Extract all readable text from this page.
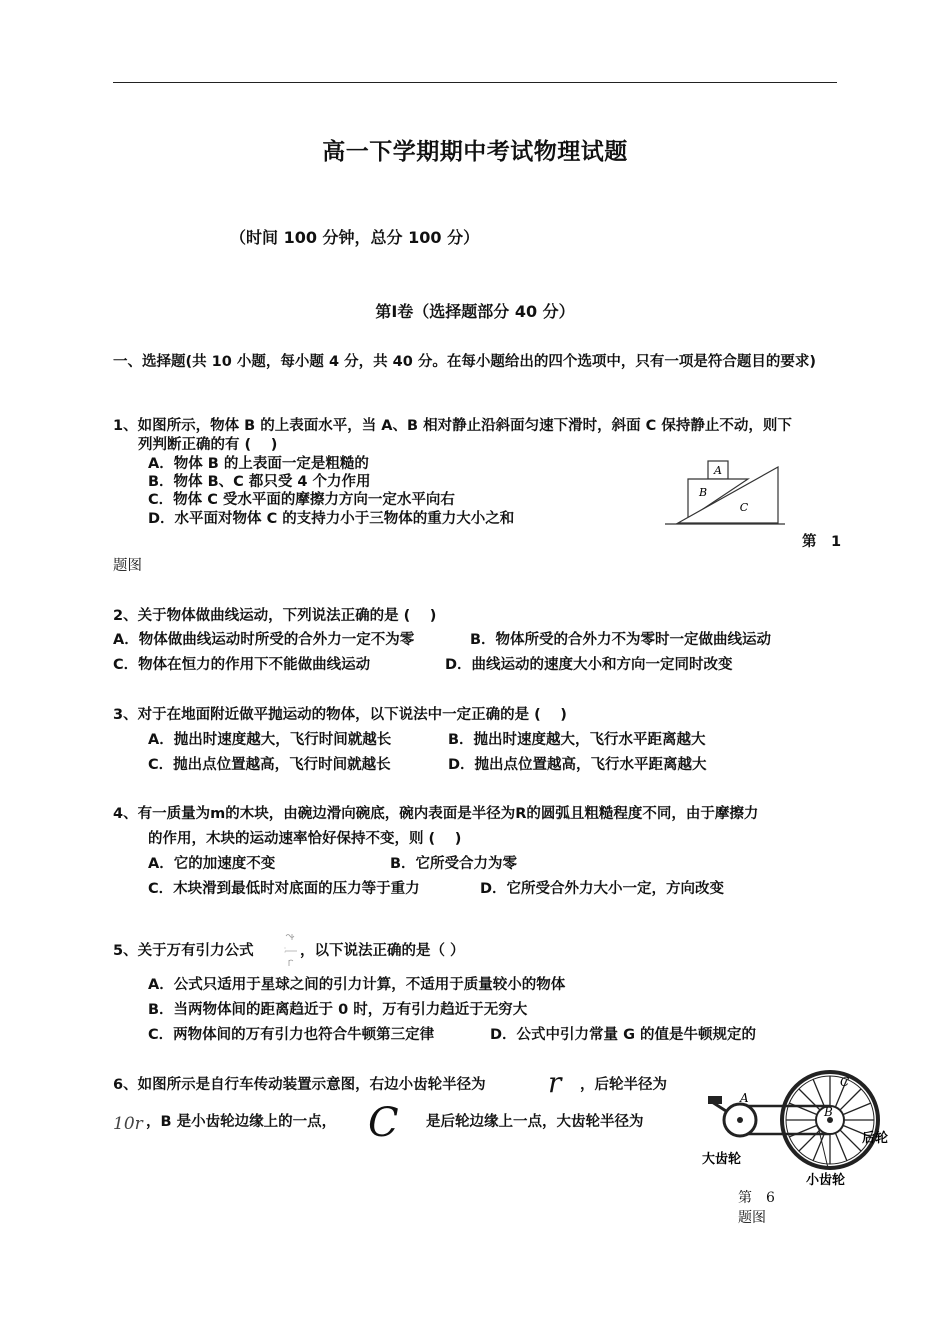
高一下学期期中考试物理试题
（时间 100 分钟，总分 100 分）
第Ⅰ卷（选择题部分 40 分）
一、选择题(共 10 小题，每小题 4 分，共 40 分。在每小题给出的四个选项中，只有一项是符合题目的要求)
1、如图所示，物体 B 的上表面水平，当 A、B 相对静止沿斜面匀速下滑时，斜面 C 保持静止不动，则下
列判断正确的有 (　 )
A．物体 B 的上表面一定是粗糙的
B．物体 B、C 都只受 4 个力作用
C．物体 C 受水平面的摩擦力方向一定水平向右
D．水平面对物体 C 的支持力小于三物体的重力大小之和
A
B
C
第　1
题图
2、关于物体做曲线运动，下列说法正确的是 (　 )
A．物体做曲线运动时所受的合外力一定不为零	B．物体所受的合外力不为零时一定做曲线运动
C．物体在恒力的作用下不能做曲线运动	D．曲线运动的速度大小和方向一定同时改变
3、对于在地面附近做平抛运动的物体，以下说法中一定正确的是 (　 )
A．抛出时速度越大，飞行时间就越长	B．抛出时速度越大，飞行水平距离越大
C．抛出点位置越高，飞行时间就越长	D．抛出点位置越高，飞行水平距离越大
4、有一质量为m的木块，由碗边滑向碗底，碗内表面是半径为R的圆弧且粗糙程度不同，由于摩擦力
的作用，木块的运动速率恰好保持不变，则 (　 )
A．它的加速度不变	B．它所受合力为零
C．木块滑到最低时对底面的压力等于重力	D．它所受合外力大小一定，方向改变
5、关于万有引力公式	，以下说法正确的是（ ）
A．公式只适用于星球之间的引力计算，不适用于质量较小的物体
B．当两物体间的距离趋近于 0 时，万有引力趋近于无穷大
C．两物体间的万有引力也符合牛顿第三定律	D．公式中引力常量 G 的值是牛顿规定的
6、如图所示是自行车传动装置示意图，右边小齿轮半径为 r ，后轮半径为
10r ，B 是小齿轮边缘上的一点， C 是后轮边缘上一点，大齿轮半径为
A
B
C
后轮
大齿轮
小齿轮
第　6
题图
